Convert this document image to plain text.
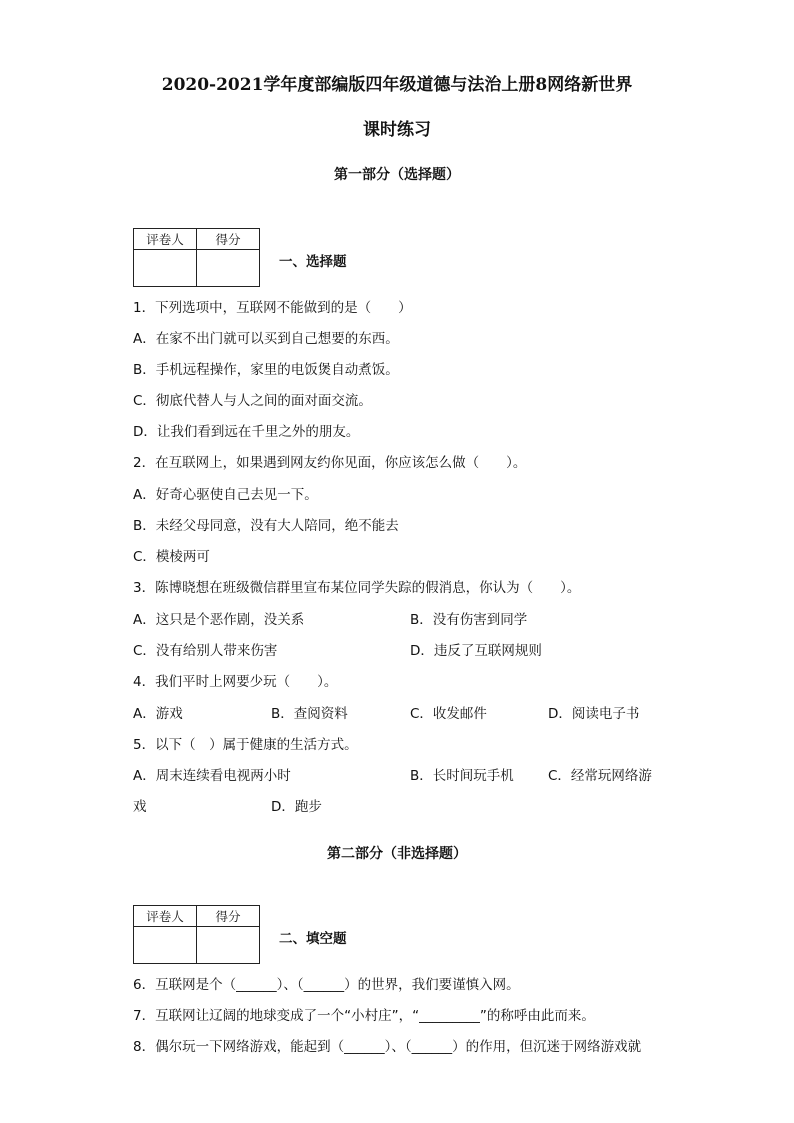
2020-2021学年度部编版四年级道德与法治上册8网络新世界
课时练习
第一部分（选择题）
评卷人	得分

一、选择题
1．下列选项中，互联网不能做到的是（　　）
A．在家不出门就可以买到自己想要的东西。
B．手机远程操作，家里的电饭煲自动煮饭。
C．彻底代替人与人之间的面对面交流。
D．让我们看到远在千里之外的朋友。
2．在互联网上，如果遇到网友约你见面，你应该怎么做（　　）。
A．好奇心驱使自己去见一下。
B．未经父母同意，没有大人陪同，绝不能去
C．模棱两可
3．陈博晓想在班级微信群里宣布某位同学失踪的假消息，你认为（　　）。
A．这只是个恶作剧，没关系	B．没有伤害到同学
C．没有给别人带来伤害	D．违反了互联网规则
4．我们平时上网要少玩（　　）。
A．游戏	B．查阅资料	C．收发邮件	D．阅读电子书
5．以下（　）属于健康的生活方式。
A．周末连续看电视两小时	B．长时间玩手机	C．经常玩网络游
戏	D．跑步
第二部分（非选择题）
评卷人	得分

二、填空题
6．互联网是个（______）、（______）的世界，我们要谨慎入网。
7．互联网让辽阔的地球变成了一个“小村庄”，“_________”的称呼由此而来。
8．偶尔玩一下网络游戏，能起到（______）、（______）的作用，但沉迷于网络游戏就
